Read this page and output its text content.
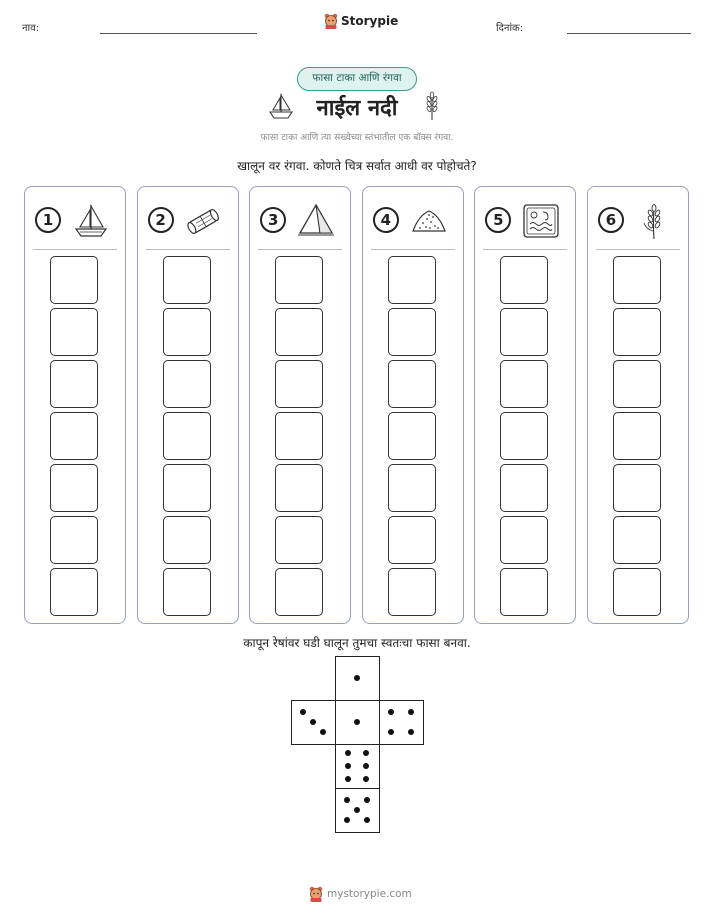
नाव:
Storypie
दिनांक:
फासा टाका आणि रंगवा
नाईल नदी
फासा टाका आणि त्या संख्येच्या स्तंभातील एक बॉक्स रंगवा.
खालून वर रंगवा. कोणते चित्र सर्वात आधी वर पोहोचते?
1	2	3	4	5	6
कापून रेषांवर घडी घालून तुमचा स्वतःचा फासा बनवा.
mystorypie.com
